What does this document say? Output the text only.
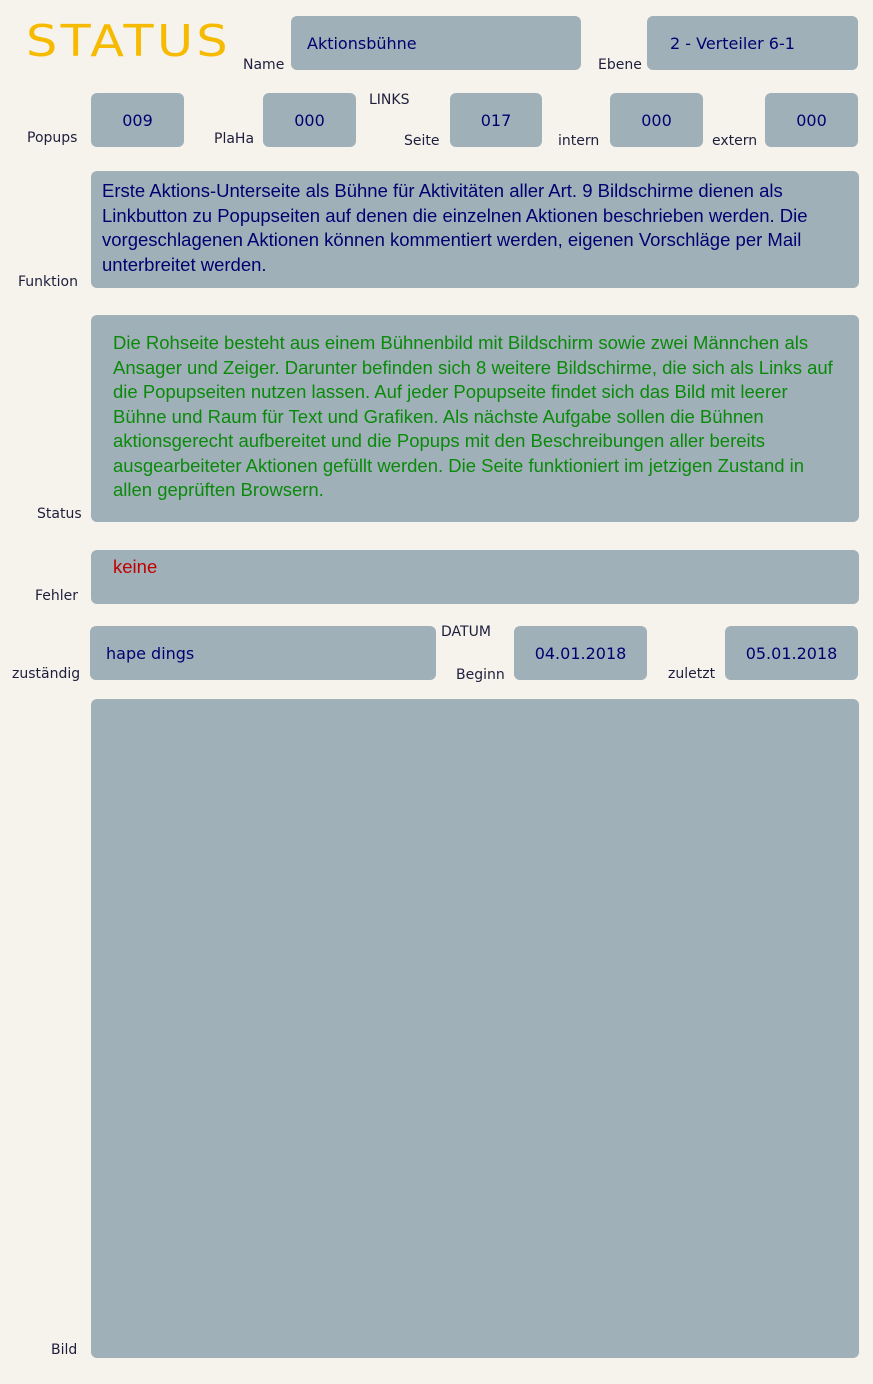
STATUS Name
Aktionsbühne
Ebene
2 - Verteiler 6-1
LINKS
Popups
009
PlaHa
000
Seite
017
intern
000
extern
000
Funktion
Erste Aktions-Unterseite als Bühne für Aktivitäten aller Art. 9 Bildschirme dienen als Linkbutton zu Popupseiten auf denen die einzelnen Aktionen beschrieben werden. Die vorgeschlagenen Aktionen können kommentiert werden, eigenen Vorschläge per Mail unterbreitet werden.
Status
Die Rohseite besteht aus einem Bühnenbild mit Bildschirm sowie zwei Männchen als Ansager und Zeiger. Darunter befinden sich 8 weitere Bildschirme, die sich als Links auf die Popupseiten nutzen lassen. Auf jeder Popupseite findet sich das Bild mit leerer Bühne und Raum für Text und Grafiken. Als nächste Aufgabe sollen die Bühnen aktionsgerecht aufbereitet und die Popups mit den Beschreibungen aller bereits ausgearbeiteter Aktionen gefüllt werden. Die Seite funktioniert im jetzigen Zustand in allen geprüften Browsern.
Fehler
keine
DATUM
zuständig
hape dings
Beginn
04.01.2018
zuletzt
05.01.2018
Bild
